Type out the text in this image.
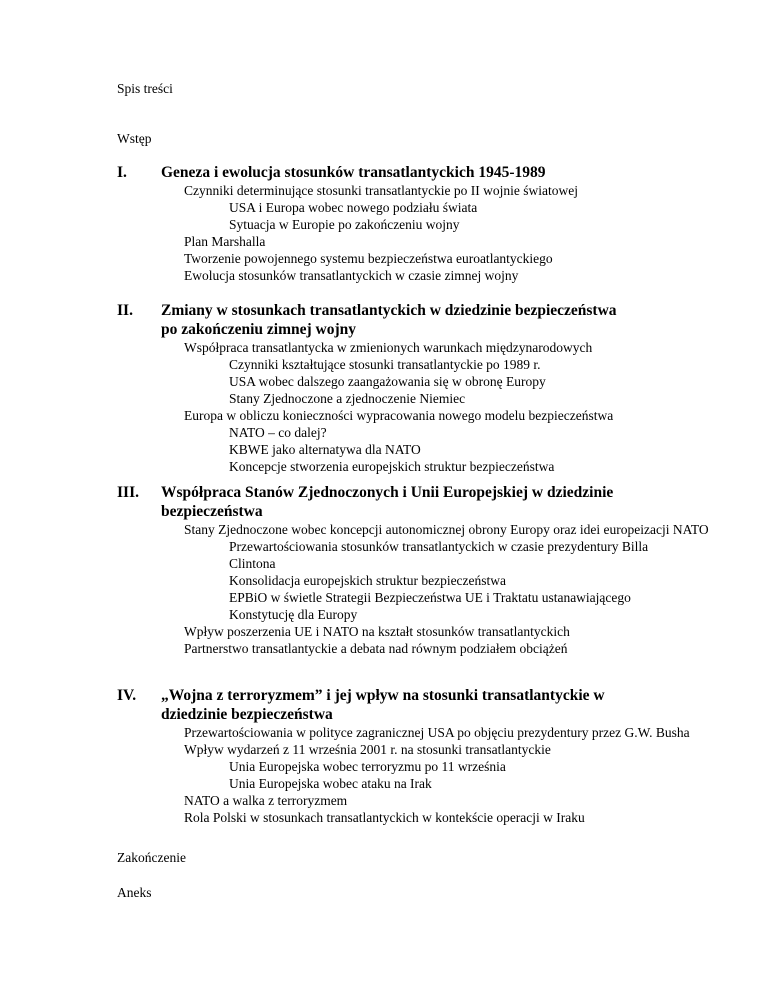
Spis treści
Wstęp
I.	Geneza i ewolucja stosunków transatlantyckich 1945-1989
Czynniki determinujące stosunki transatlantyckie po II wojnie światowej
USA i Europa wobec nowego podziału świata
Sytuacja w Europie po zakończeniu wojny
Plan Marshalla
Tworzenie powojennego systemu bezpieczeństwa euroatlantyckiego
Ewolucja stosunków transatlantyckich w czasie zimnej wojny
II.	Zmiany w stosunkach transatlantyckich w dziedzinie bezpieczeństwa po zakończeniu zimnej wojny
Współpraca transatlantycka w zmienionych warunkach międzynarodowych
Czynniki kształtujące stosunki transatlantyckie po 1989 r.
USA wobec dalszego zaangażowania się w obronę Europy
Stany Zjednoczone a zjednoczenie Niemiec
Europa w obliczu konieczności wypracowania nowego modelu bezpieczeństwa
NATO – co dalej?
KBWE jako alternatywa dla NATO
Koncepcje stworzenia europejskich struktur bezpieczeństwa
III.	Współpraca Stanów Zjednoczonych i Unii Europejskiej w dziedzinie bezpieczeństwa
Stany Zjednoczone wobec koncepcji autonomicznej obrony Europy oraz idei europeizacji NATO
Przewartościowania stosunków transatlantyckich w czasie prezydentury Billa Clintona
Konsolidacja europejskich struktur bezpieczeństwa
EPBiO w świetle Strategii Bezpieczeństwa UE i Traktatu ustanawiającego Konstytucję dla Europy
Wpływ poszerzenia UE i NATO na kształt stosunków transatlantyckich
Partnerstwo transatlantyckie a debata nad równym podziałem obciążeń
IV.	„Wojna z terroryzmem” i jej wpływ na stosunki transatlantyckie w dziedzinie bezpieczeństwa
Przewartościowania w polityce zagranicznej USA po objęciu prezydentury przez G.W. Busha
Wpływ wydarzeń z 11 września 2001 r. na stosunki transatlantyckie
Unia Europejska wobec terroryzmu po 11 września
Unia Europejska wobec ataku na Irak
NATO a walka z terroryzmem
Rola Polski w stosunkach transatlantyckich w kontekście operacji w Iraku
Zakończenie
Aneks
